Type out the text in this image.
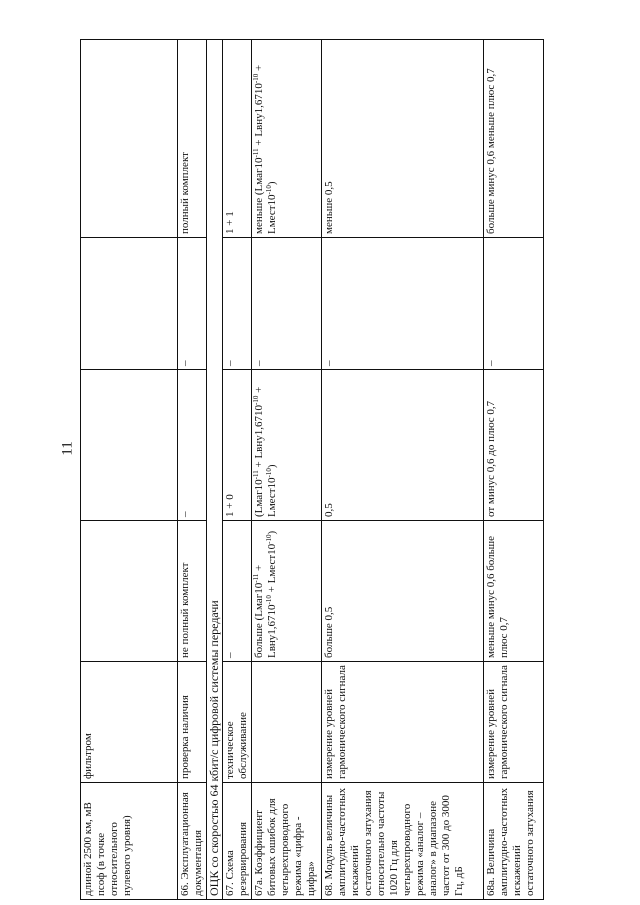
11
длиной 2500 км, мВ псоф (в точке относительного нулевого уровня)	фильтром				
66. Эксплуатационная документация	проверка наличия	не полный комплект	–	–	полный комплект
ОЦК со скоростью 64 кбит/с цифровой системы передачи					
67. Схема резервирования	техническое обслуживание	–	1 + 0	–	1 + 1
67а. Коэффициент битовых ошибок для четырехпроводного режима «цифра - цифра»		больше ($Lмаг10^{-11}$ + $Lвну1,6710^{-10}$ + $Lмест10^{-10}$)	($Lмаг10^{-11}$ + $Lвну1,6710^{-10}$ + $Lмест10^{-10}$)	–	меньше ($Lмаг10^{-11}$ + $Lвну1,6710^{-10}$ + $Lмест10^{-10}$)
68. Модуль величины амплитудно-частотных искажений остаточного затухания относительно частоты 1020 Гц для четырехпроводного режима «аналог – аналог» в диапазоне частот от 300 до 3000 Гц, дБ	измерение уровней гармонического сигнала	больше 0,5	0,5	–	меньше 0,5
68а. Величина амплитудно-частотных искажений остаточного затухания	измерение уровней гармонического сигнала	меньше минус 0,6 больше плюс 0,7	от минус 0,6 до плюс 0,7	–	больше минус 0,6 меньше плюс 0,7
